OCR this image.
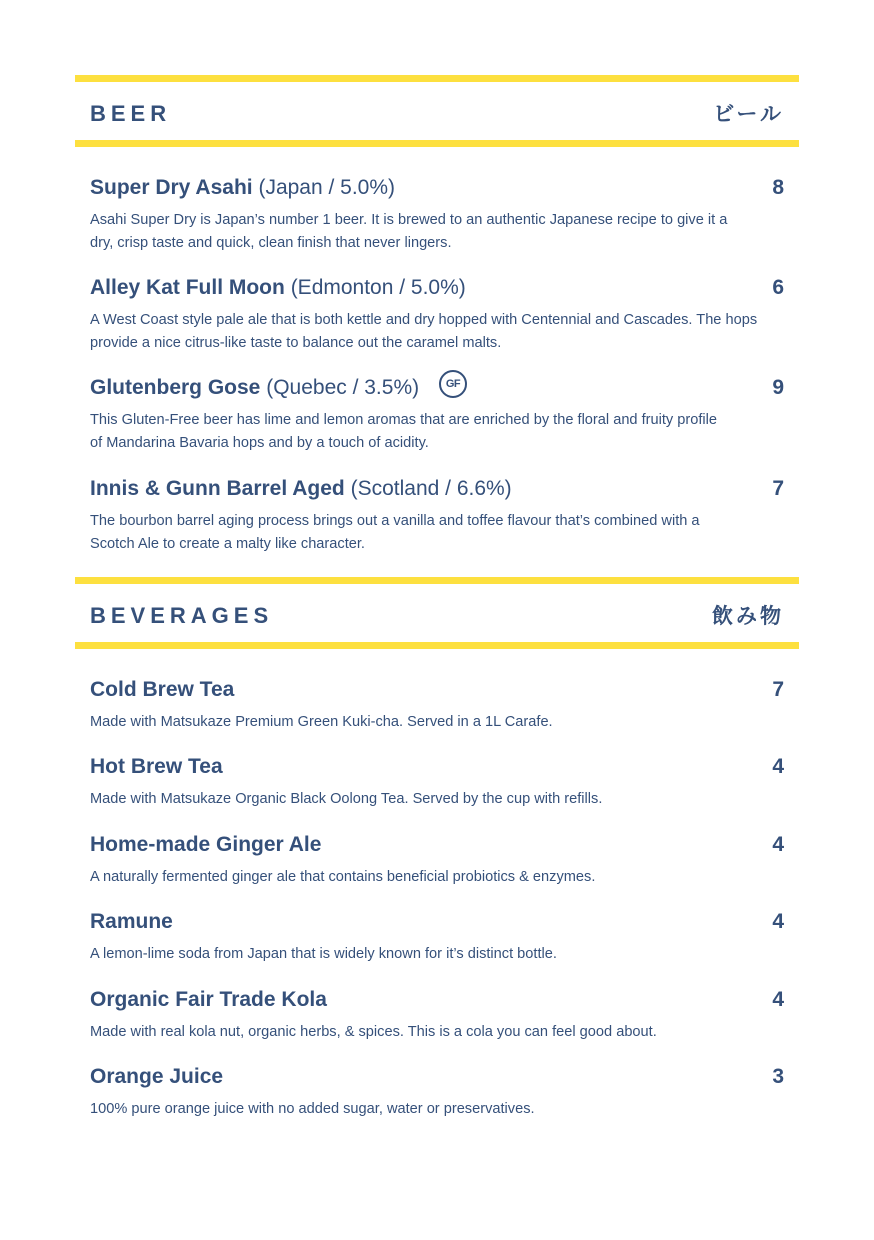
BEER	ビール
Super Dry Asahi (Japan / 5.0%)	8
Asahi Super Dry is Japan’s number 1 beer. It is brewed to an authentic Japanese recipe to give it a dry, crisp taste and quick, clean finish that never lingers.
Alley Kat Full Moon (Edmonton / 5.0%)	6
A West Coast style pale ale that is both kettle and dry hopped with Centennial and Cascades. The hops provide a nice citrus-like taste to balance out the caramel malts.
Glutenberg Gose (Quebec / 3.5%) GF	9
This Gluten-Free beer has lime and lemon aromas that are enriched by the floral and fruity profile of Mandarina Bavaria hops and by a touch of acidity.
Innis & Gunn Barrel Aged (Scotland / 6.6%)	7
The bourbon barrel aging process brings out a vanilla and toffee flavour that’s combined with a Scotch Ale to create a malty like character.
BEVERAGES	飲み物
Cold Brew Tea	7
Made with Matsukaze Premium Green Kuki-cha. Served in a 1L Carafe.
Hot Brew Tea	4
Made with Matsukaze Organic Black Oolong Tea. Served by the cup with refills.
Home-made Ginger Ale	4
A naturally fermented ginger ale that contains beneficial probiotics & enzymes.
Ramune	4
A lemon-lime soda from Japan that is widely known for it’s distinct bottle.
Organic Fair Trade Kola	4
Made with real kola nut, organic herbs, & spices. This is a cola you can feel good about.
Orange Juice	3
100% pure orange juice with no added sugar, water or preservatives.
